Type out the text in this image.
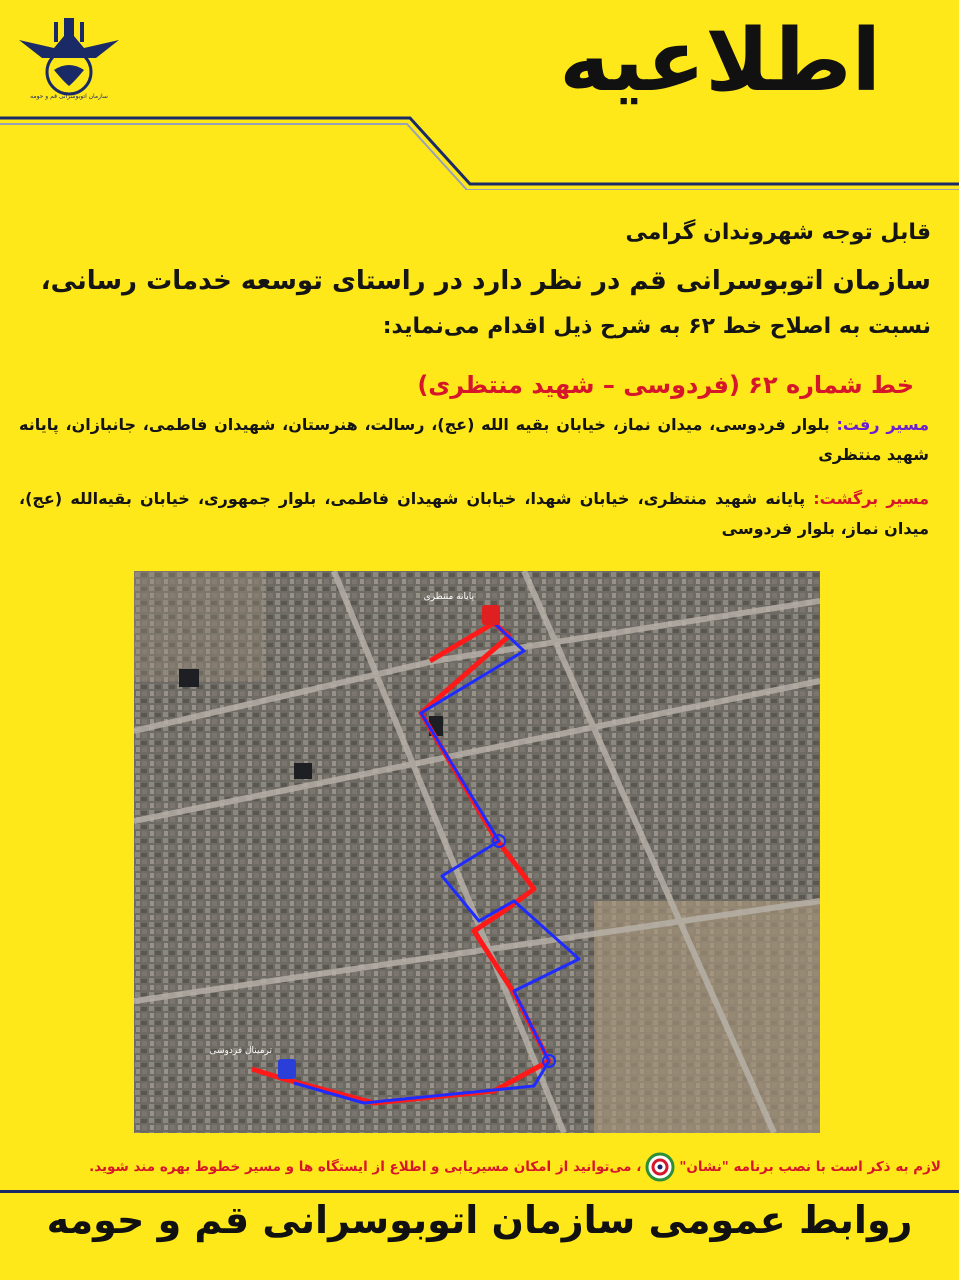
سازمان اتوبوسرانی قم و حومه	اطلاعیه
قابل توجه شهروندان گرامی
سازمان اتوبوسرانی قم در نظر دارد در راستای توسعه خدمات رسانی،
نسبت به اصلاح خط ۶۲ به شرح ذیل اقدام می‌نماید:
خط شماره ۶۲ (فردوسی – شهید منتظری)
مسیر رفت: بلوار فردوسی، میدان نماز، خیابان بقیه الله (عج)، رسالت، هنرستان، شهیدان فاطمی، جانبازان، پایانه شهید منتظری
مسیر برگشت: پایانه شهید منتظری، خیابان شهدا، خیابان شهیدان فاطمی، بلوار جمهوری، خیابان بقیه‌الله (عج)، میدان نماز، بلوار فردوسی
پایانه منتظری
ترمینال فردوسی
لازم به ذکر است با نصب برنامه "نشان"، می‌توانید از امکان مسیریابی و اطلاع از ایستگاه ها و مسیر خطوط بهره مند شوید.
روابط عمومی سازمان اتوبوسرانی قم و حومه
